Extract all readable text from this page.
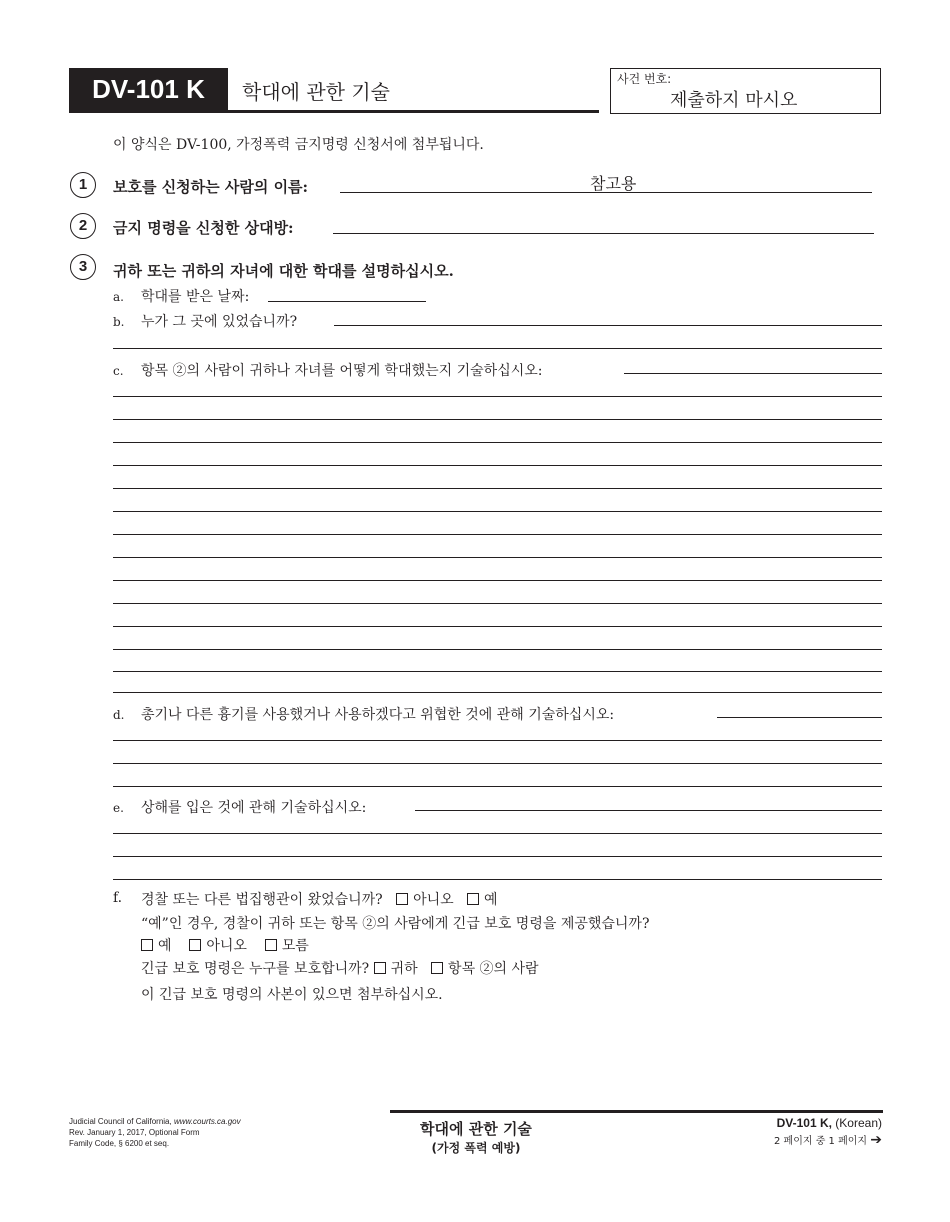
DV-101 K	학대에 관한 기술
사건 번호:
제출하지 마시오
이 양식은 DV-100, 가정폭력 금지명령 신청서에 첨부됩니다.
1	보호를 신청하는 사람의 이름:	참고용
2	금지 명령을 신청한 상대방:
3	귀하 또는 귀하의 자녀에 대한 학대를 설명하십시오.
a. 학대를 받은 날짜:
b. 누가 그 곳에 있었습니까?
c. 항목 ②의 사람이 귀하나 자녀를 어떻게 학대했는지 기술하십시오:
d. 총기나 다른 흉기를 사용했거나 사용하겠다고 위협한 것에 관해 기술하십시오:
e. 상해를 입은 것에 관해 기술하십시오:
f. 경찰 또는 다른 법집행관이 왔었습니까? 아니오 예
“예”인 경우, 경찰이 귀하 또는 항목 ②의 사람에게 긴급 보호 명령을 제공했습니까?
예 아니오 모름
긴급 보호 명령은 누구를 보호합니까? 귀하 항목 ②의 사람
이 긴급 보호 명령의 사본이 있으면 첨부하십시오.
Judicial Council of California, www.courts.ca.gov
Rev. January 1, 2017, Optional Form
Family Code, § 6200 et seq.
학대에 관한 기술
(가정 폭력 예방)
DV-101 K, (Korean)
2 페이지 중 1 페이지 ➔
